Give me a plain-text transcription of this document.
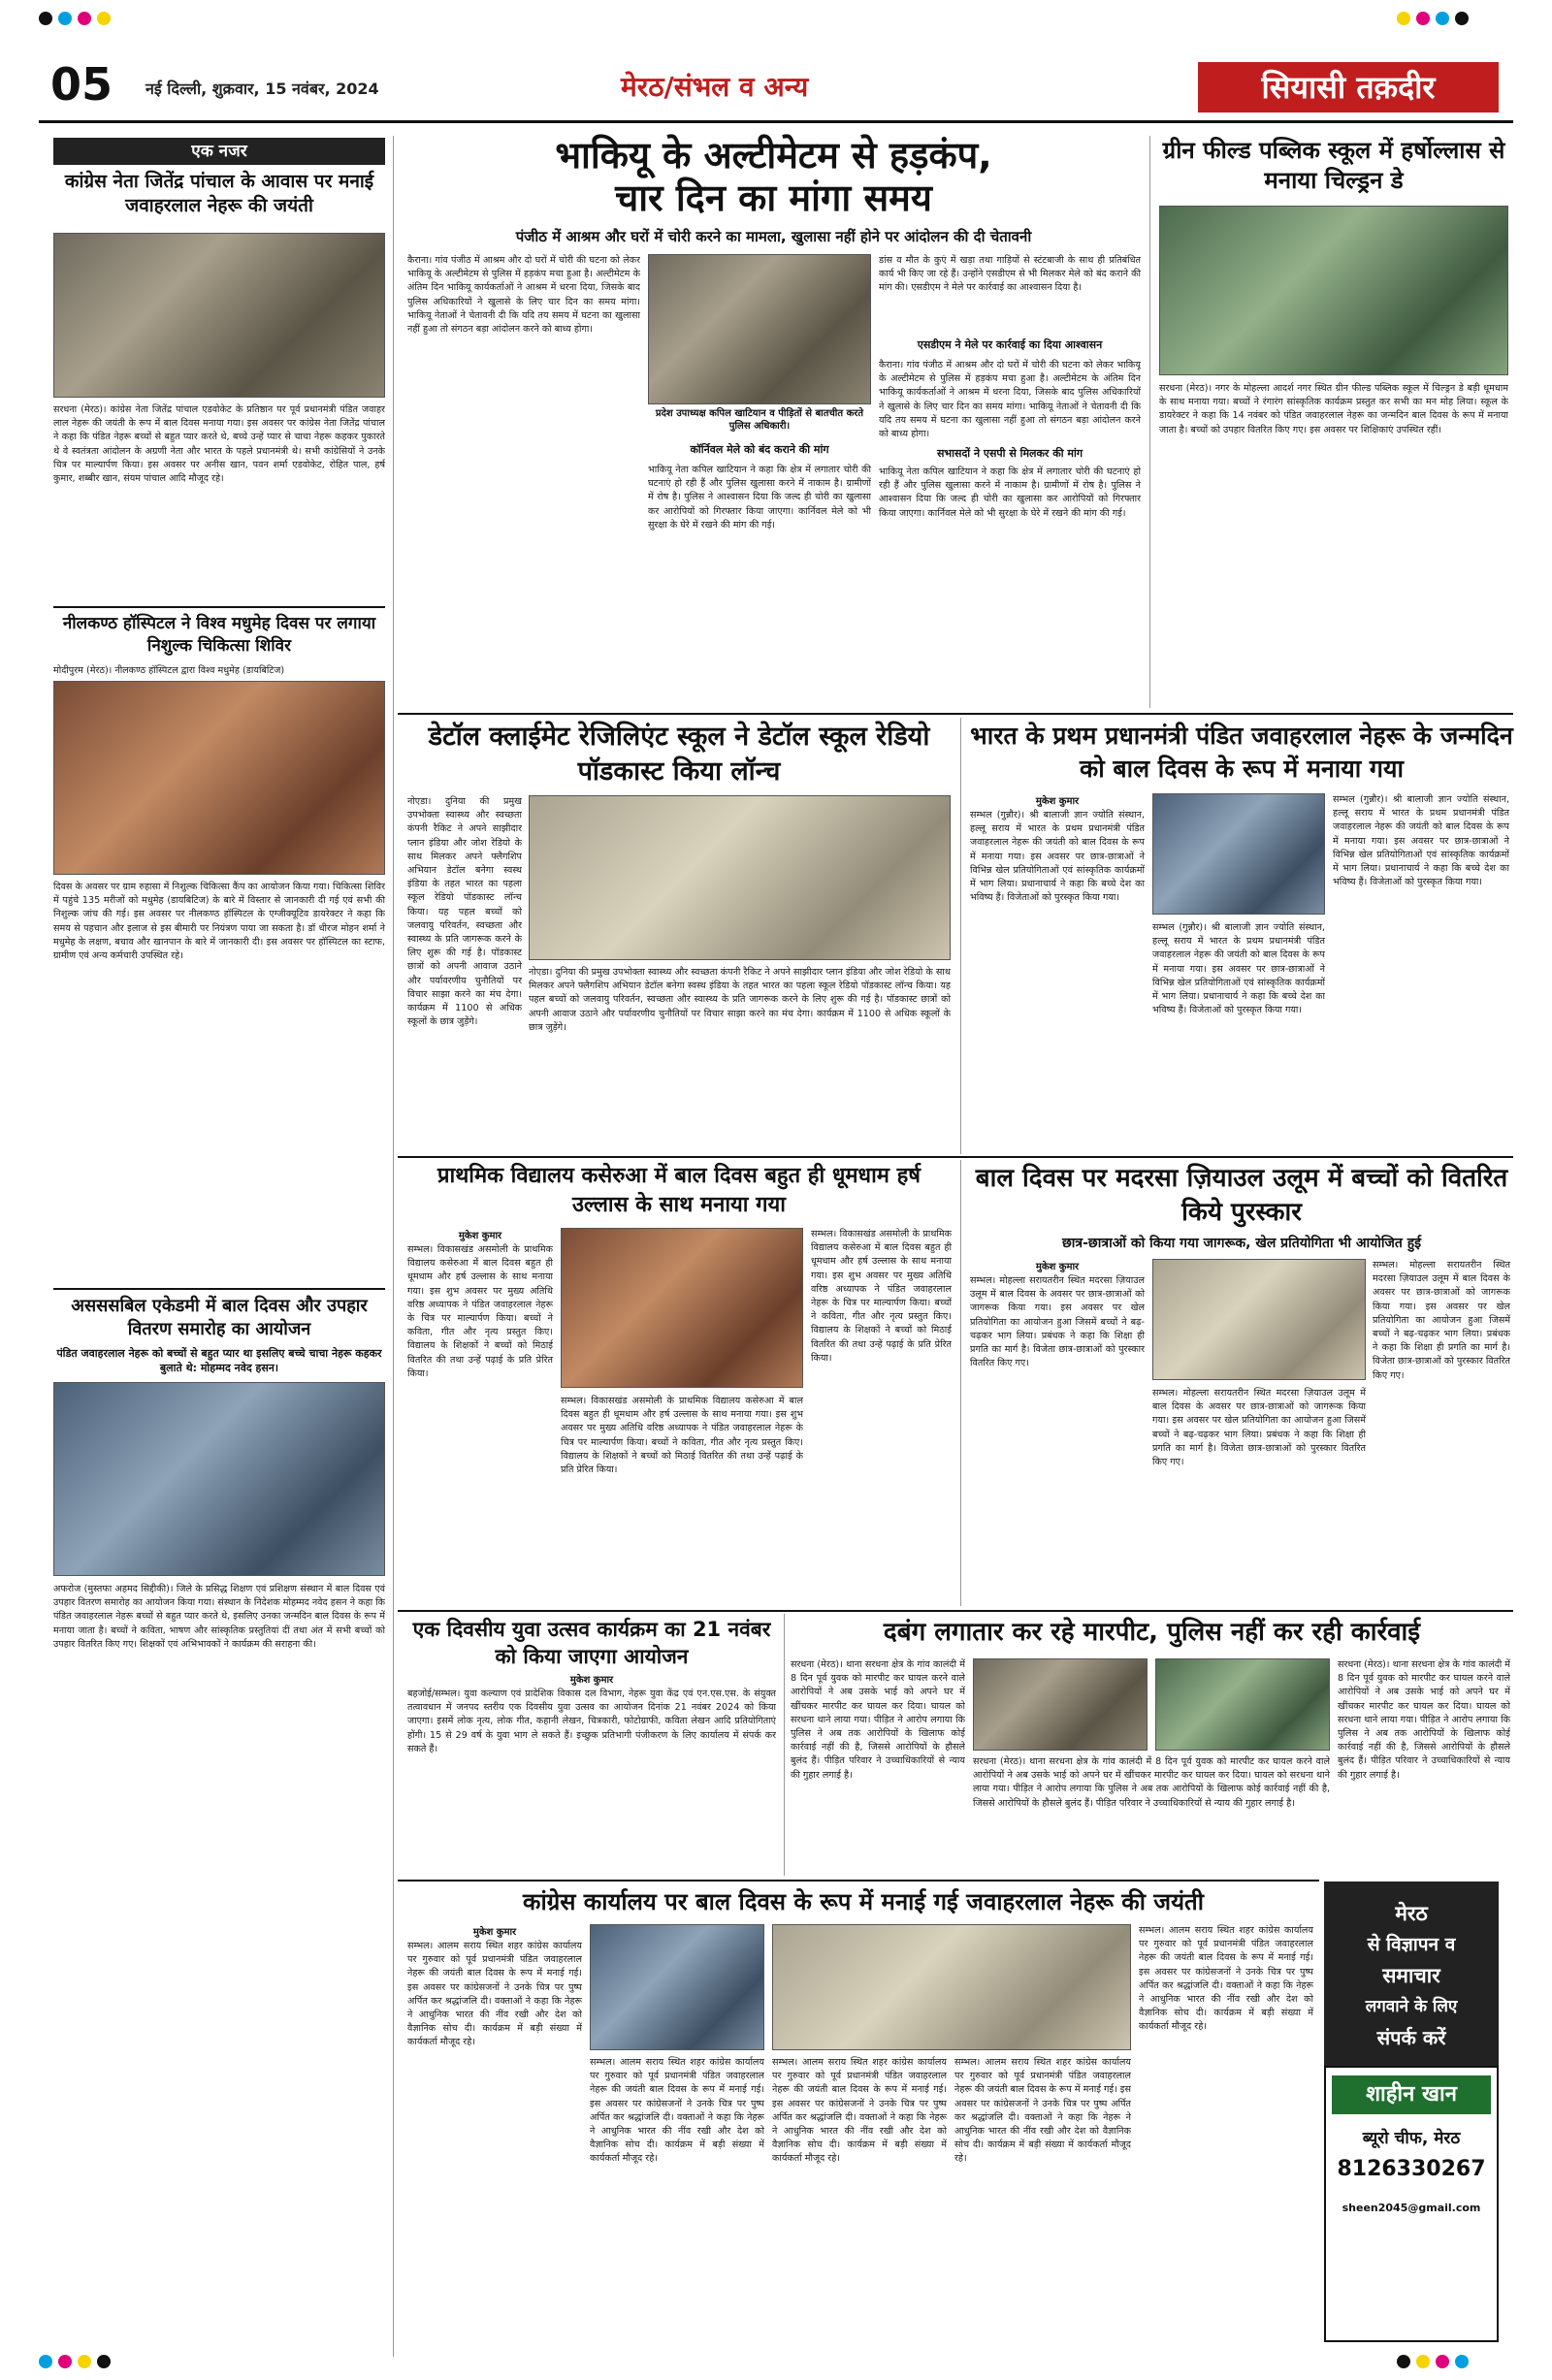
05 नई दिल्ली, शुक्रवार, 15 नवंबर, 2024	मेरठ/संभल व अन्य	सियासी तक़दीर
एक नजर
कांग्रेस नेता जितेंद्र पांचाल के आवास पर मनाई जवाहरलाल नेहरू की जयंती
सरधना (मेरठ)। कांग्रेस नेता जितेंद्र पांचाल एडवोकेट के प्रतिष्ठान पर पूर्व प्रधानमंत्री पंडित जवाहर लाल नेहरू की जयंती के रूप में बाल दिवस मनाया गया। इस अवसर पर कांग्रेस नेता जितेंद्र पांचाल ने कहा कि पंडित नेहरू बच्चों से बहुत प्यार करते थे, बच्चे उन्हें प्यार से चाचा नेहरू कहकर पुकारते थे वे स्वतंत्रता आंदोलन के अग्रणी नेता और भारत के पहले प्रधानमंत्री थे। सभी कांग्रेसियों ने उनके चित्र पर माल्यार्पण किया। इस अवसर पर अनीस खान, पवन शर्मा एडवोकेट, रोहित पाल, हर्ष कुमार, शब्बीर खान, संयम पांचाल आदि मौजूद रहे।
नीलकण्ठ हॉस्पिटल ने विश्व मधुमेह दिवस पर लगाया निशुल्क चिकित्सा शिविर
मोदीपुरम (मेरठ)। नीलकण्ठ हॉस्पिटल द्वारा विश्व मधुमेह (डायबिटिज)
दिवस के अवसर पर ग्राम रुहासा में निशुल्क चिकित्सा कैंप का आयोजन किया गया। चिकित्सा शिविर में पहुंचे 135 मरीजों को मधुमेह (डायबिटिज) के बारे में विस्तार से जानकारी दी गई एवं सभी की निशुल्क जांच की गई। इस अवसर पर नीलकण्ठ हॉस्पिटल के एग्जीक्यूटिव डायरेक्टर ने कहा कि समय से पहचान और इलाज से इस बीमारी पर नियंत्रण पाया जा सकता है। डॉ धीरज मोहन शर्मा ने मधुमेह के लक्षण, बचाव और खानपान के बारे में जानकारी दी। इस अवसर पर हॉस्पिटल का स्टाफ, ग्रामीण एवं अन्य कर्मचारी उपस्थित रहे।
असससबिल एकेडमी में बाल दिवस और उपहार वितरण समारोह का आयोजन
पंडित जवाहरलाल नेहरू को बच्चों से बहुत प्यार था इसलिए बच्चे चाचा नेहरू कहकर बुलाते थे: मोहम्मद नवेद हसन।
अफरोज (मुस्तफा अहमद सिद्दीकी)। जिले के प्रसिद्ध शिक्षण एवं प्रशिक्षण संस्थान में बाल दिवस एवं उपहार वितरण समारोह का आयोजन किया गया। संस्थान के निदेशक मोहम्मद नवेद हसन ने कहा कि पंडित जवाहरलाल नेहरू बच्चों से बहुत प्यार करते थे, इसलिए उनका जन्मदिन बाल दिवस के रूप में मनाया जाता है। बच्चों ने कविता, भाषण और सांस्कृतिक प्रस्तुतियां दीं तथा अंत में सभी बच्चों को उपहार वितरित किए गए। शिक्षकों एवं अभिभावकों ने कार्यक्रम की सराहना की।
भाकियू के अल्टीमेटम से हड़कंप,
चार दिन का मांगा समय
पंजीठ में आश्रम और घरों में चोरी करने का मामला, खुलासा नहीं होने पर आंदोलन की दी चेतावनी
कैराना। गांव पंजीठ में आश्रम और दो घरों में चोरी की घटना को लेकर भाकियू के अल्टीमेटम से पुलिस में हड़कंप मचा हुआ है। अल्टीमेटम के अंतिम दिन भाकियू कार्यकर्ताओं ने आश्रम में धरना दिया, जिसके बाद पुलिस अधिकारियों ने खुलासे के लिए चार दिन का समय मांगा। भाकियू नेताओं ने चेतावनी दी कि यदि तय समय में घटना का खुलासा नहीं हुआ तो संगठन बड़ा आंदोलन करने को बाध्य होगा।
प्रदेश उपाध्यक्ष कपिल खाटियान व पीड़ितों से बातचीत करते पुलिस अधिकारी।
कॉर्निवल मेले को बंद कराने की मांग
भाकियू नेता कपिल खाटियान ने कहा कि क्षेत्र में लगातार चोरी की घटनाएं हो रही हैं और पुलिस खुलासा करने में नाकाम है। ग्रामीणों में रोष है। पुलिस ने आश्वासन दिया कि जल्द ही चोरी का खुलासा कर आरोपियों को गिरफ्तार किया जाएगा। कार्निवल मेले को भी सुरक्षा के घेरे में रखने की मांग की गई।
डांस व मौत के कुएं में खड़ा तथा गाड़ियों से स्टंटबाजी के साथ ही प्रतिबंधित कार्य भी किए जा रहे हैं। उन्होंने एसडीएम से भी मिलकर मेले को बंद कराने की मांग की। एसडीएम ने मेले पर कार्रवाई का आश्वासन दिया है।
एसडीएम ने मेले पर कार्रवाई का दिया आश्वासन
सभासदों ने एसपी से मिलकर की मांग
कैराना। गांव पंजीठ में आश्रम और दो घरों में चोरी की घटना को लेकर भाकियू के अल्टीमेटम से पुलिस में हड़कंप मचा हुआ है। अल्टीमेटम के अंतिम दिन भाकियू कार्यकर्ताओं ने आश्रम में धरना दिया, जिसके बाद पुलिस अधिकारियों ने खुलासे के लिए चार दिन का समय मांगा। भाकियू नेताओं ने चेतावनी दी कि यदि तय समय में घटना का खुलासा नहीं हुआ तो संगठन बड़ा आंदोलन करने को बाध्य होगा।
भाकियू नेता कपिल खाटियान ने कहा कि क्षेत्र में लगातार चोरी की घटनाएं हो रही हैं और पुलिस खुलासा करने में नाकाम है। ग्रामीणों में रोष है। पुलिस ने आश्वासन दिया कि जल्द ही चोरी का खुलासा कर आरोपियों को गिरफ्तार किया जाएगा। कार्निवल मेले को भी सुरक्षा के घेरे में रखने की मांग की गई।
ग्रीन फील्ड पब्लिक स्कूल में हर्षोल्लास से मनाया चिल्ड्रन डे
सरधना (मेरठ)। नगर के मोहल्ला आदर्श नगर स्थित ग्रीन फील्ड पब्लिक स्कूल में चिल्ड्रन डे बड़ी धूमधाम के साथ मनाया गया। बच्चों ने रंगारंग सांस्कृतिक कार्यक्रम प्रस्तुत कर सभी का मन मोह लिया। स्कूल के डायरेक्टर ने कहा कि 14 नवंबर को पंडित जवाहरलाल नेहरू का जन्मदिन बाल दिवस के रूप में मनाया जाता है। बच्चों को उपहार वितरित किए गए। इस अवसर पर शिक्षिकाएं उपस्थित रहीं।
डेटॉल क्लाईमेट रेजिलिएंट स्कूल ने डेटॉल स्कूल रेडियो पॉडकास्ट किया लॉन्च
नोएडा। दुनिया की प्रमुख उपभोक्ता स्वास्थ्य और स्वच्छता कंपनी रैकिट ने अपने साझीदार प्लान इंडिया और जोश रेडियो के साथ मिलकर अपने फ्लैगशिप अभियान डेटॉल बनेगा स्वस्थ इंडिया के तहत भारत का पहला स्कूल रेडियो पॉडकास्ट लॉन्च किया। यह पहल बच्चों को जलवायु परिवर्तन, स्वच्छता और स्वास्थ्य के प्रति जागरूक करने के लिए शुरू की गई है। पॉडकास्ट छात्रों को अपनी आवाज उठाने और पर्यावरणीय चुनौतियों पर विचार साझा करने का मंच देगा। कार्यक्रम में 1100 से अधिक स्कूलों के छात्र जुड़ेंगे।
नोएडा। दुनिया की प्रमुख उपभोक्ता स्वास्थ्य और स्वच्छता कंपनी रैकिट ने अपने साझीदार प्लान इंडिया और जोश रेडियो के साथ मिलकर अपने फ्लैगशिप अभियान डेटॉल बनेगा स्वस्थ इंडिया के तहत भारत का पहला स्कूल रेडियो पॉडकास्ट लॉन्च किया। यह पहल बच्चों को जलवायु परिवर्तन, स्वच्छता और स्वास्थ्य के प्रति जागरूक करने के लिए शुरू की गई है। पॉडकास्ट छात्रों को अपनी आवाज उठाने और पर्यावरणीय चुनौतियों पर विचार साझा करने का मंच देगा। कार्यक्रम में 1100 से अधिक स्कूलों के छात्र जुड़ेंगे।
भारत के प्रथम प्रधानमंत्री पंडित जवाहरलाल नेहरू के जन्मदिन को बाल दिवस के रूप में मनाया गया
मुकेश कुमार
सम्भल (गुन्नौर)। श्री बालाजी ज्ञान ज्योति संस्थान, हल्लू सराय में भारत के प्रथम प्रधानमंत्री पंडित जवाहरलाल नेहरू की जयंती को बाल दिवस के रूप में मनाया गया। इस अवसर पर छात्र-छात्राओं ने विभिन्न खेल प्रतियोगिताओं एवं सांस्कृतिक कार्यक्रमों में भाग लिया। प्रधानाचार्य ने कहा कि बच्चे देश का भविष्य हैं। विजेताओं को पुरस्कृत किया गया।
सम्भल (गुन्नौर)। श्री बालाजी ज्ञान ज्योति संस्थान, हल्लू सराय में भारत के प्रथम प्रधानमंत्री पंडित जवाहरलाल नेहरू की जयंती को बाल दिवस के रूप में मनाया गया। इस अवसर पर छात्र-छात्राओं ने विभिन्न खेल प्रतियोगिताओं एवं सांस्कृतिक कार्यक्रमों में भाग लिया। प्रधानाचार्य ने कहा कि बच्चे देश का भविष्य हैं। विजेताओं को पुरस्कृत किया गया।
सम्भल (गुन्नौर)। श्री बालाजी ज्ञान ज्योति संस्थान, हल्लू सराय में भारत के प्रथम प्रधानमंत्री पंडित जवाहरलाल नेहरू की जयंती को बाल दिवस के रूप में मनाया गया। इस अवसर पर छात्र-छात्राओं ने विभिन्न खेल प्रतियोगिताओं एवं सांस्कृतिक कार्यक्रमों में भाग लिया। प्रधानाचार्य ने कहा कि बच्चे देश का भविष्य हैं। विजेताओं को पुरस्कृत किया गया।
प्राथमिक विद्यालय कसेरुआ में बाल दिवस बहुत ही धूमधाम हर्ष उल्लास के साथ मनाया गया
मुकेश कुमार
सम्भल। विकासखंड असमोली के प्राथमिक विद्यालय कसेरुआ में बाल दिवस बहुत ही धूमधाम और हर्ष उल्लास के साथ मनाया गया। इस शुभ अवसर पर मुख्य अतिथि वरिष्ठ अध्यापक ने पंडित जवाहरलाल नेहरू के चित्र पर माल्यार्पण किया। बच्चों ने कविता, गीत और नृत्य प्रस्तुत किए। विद्यालय के शिक्षकों ने बच्चों को मिठाई वितरित की तथा उन्हें पढ़ाई के प्रति प्रेरित किया।
सम्भल। विकासखंड असमोली के प्राथमिक विद्यालय कसेरुआ में बाल दिवस बहुत ही धूमधाम और हर्ष उल्लास के साथ मनाया गया। इस शुभ अवसर पर मुख्य अतिथि वरिष्ठ अध्यापक ने पंडित जवाहरलाल नेहरू के चित्र पर माल्यार्पण किया। बच्चों ने कविता, गीत और नृत्य प्रस्तुत किए। विद्यालय के शिक्षकों ने बच्चों को मिठाई वितरित की तथा उन्हें पढ़ाई के प्रति प्रेरित किया।
सम्भल। विकासखंड असमोली के प्राथमिक विद्यालय कसेरुआ में बाल दिवस बहुत ही धूमधाम और हर्ष उल्लास के साथ मनाया गया। इस शुभ अवसर पर मुख्य अतिथि वरिष्ठ अध्यापक ने पंडित जवाहरलाल नेहरू के चित्र पर माल्यार्पण किया। बच्चों ने कविता, गीत और नृत्य प्रस्तुत किए। विद्यालय के शिक्षकों ने बच्चों को मिठाई वितरित की तथा उन्हें पढ़ाई के प्रति प्रेरित किया।
बाल दिवस पर मदरसा ज़ियाउल उलूम में बच्चों को वितरित किये पुरस्कार
छात्र-छात्राओं को किया गया जागरूक, खेल प्रतियोगिता भी आयोजित हुई
मुकेश कुमार
सम्भल। मोहल्ला सरायतरीन स्थित मदरसा ज़ियाउल उलूम में बाल दिवस के अवसर पर छात्र-छात्राओं को जागरूक किया गया। इस अवसर पर खेल प्रतियोगिता का आयोजन हुआ जिसमें बच्चों ने बढ़-चढ़कर भाग लिया। प्रबंधक ने कहा कि शिक्षा ही प्रगति का मार्ग है। विजेता छात्र-छात्राओं को पुरस्कार वितरित किए गए।
सम्भल। मोहल्ला सरायतरीन स्थित मदरसा ज़ियाउल उलूम में बाल दिवस के अवसर पर छात्र-छात्राओं को जागरूक किया गया। इस अवसर पर खेल प्रतियोगिता का आयोजन हुआ जिसमें बच्चों ने बढ़-चढ़कर भाग लिया। प्रबंधक ने कहा कि शिक्षा ही प्रगति का मार्ग है। विजेता छात्र-छात्राओं को पुरस्कार वितरित किए गए।
सम्भल। मोहल्ला सरायतरीन स्थित मदरसा ज़ियाउल उलूम में बाल दिवस के अवसर पर छात्र-छात्राओं को जागरूक किया गया। इस अवसर पर खेल प्रतियोगिता का आयोजन हुआ जिसमें बच्चों ने बढ़-चढ़कर भाग लिया। प्रबंधक ने कहा कि शिक्षा ही प्रगति का मार्ग है। विजेता छात्र-छात्राओं को पुरस्कार वितरित किए गए।
एक दिवसीय युवा उत्सव कार्यक्रम का 21 नवंबर को किया जाएगा आयोजन
मुकेश कुमार
बहजोई/सम्भल। युवा कल्याण एवं प्रादेशिक विकास दल विभाग, नेहरू युवा केंद्र एवं एन.एस.एस. के संयुक्त तत्वावधान में जनपद स्तरीय एक दिवसीय युवा उत्सव का आयोजन दिनांक 21 नवंबर 2024 को किया जाएगा। इसमें लोक नृत्य, लोक गीत, कहानी लेखन, चित्रकारी, फोटोग्राफी, कविता लेखन आदि प्रतियोगिताएं होंगी। 15 से 29 वर्ष के युवा भाग ले सकते हैं। इच्छुक प्रतिभागी पंजीकरण के लिए कार्यालय में संपर्क कर सकते हैं।
दबंग लगातार कर रहे मारपीट, पुलिस नहीं कर रही कार्रवाई
सरधना (मेरठ)। थाना सरधना क्षेत्र के गांव कालंदी में 8 दिन पूर्व युवक को मारपीट कर घायल करने वाले आरोपियों ने अब उसके भाई को अपने घर में खींचकर मारपीट कर घायल कर दिया। घायल को सरधना थाने लाया गया। पीड़ित ने आरोप लगाया कि पुलिस ने अब तक आरोपियों के खिलाफ कोई कार्रवाई नहीं की है, जिससे आरोपियों के हौसले बुलंद हैं। पीड़ित परिवार ने उच्चाधिकारियों से न्याय की गुहार लगाई है।
सरधना (मेरठ)। थाना सरधना क्षेत्र के गांव कालंदी में 8 दिन पूर्व युवक को मारपीट कर घायल करने वाले आरोपियों ने अब उसके भाई को अपने घर में खींचकर मारपीट कर घायल कर दिया। घायल को सरधना थाने लाया गया। पीड़ित ने आरोप लगाया कि पुलिस ने अब तक आरोपियों के खिलाफ कोई कार्रवाई नहीं की है, जिससे आरोपियों के हौसले बुलंद हैं। पीड़ित परिवार ने उच्चाधिकारियों से न्याय की गुहार लगाई है।
सरधना (मेरठ)। थाना सरधना क्षेत्र के गांव कालंदी में 8 दिन पूर्व युवक को मारपीट कर घायल करने वाले आरोपियों ने अब उसके भाई को अपने घर में खींचकर मारपीट कर घायल कर दिया। घायल को सरधना थाने लाया गया। पीड़ित ने आरोप लगाया कि पुलिस ने अब तक आरोपियों के खिलाफ कोई कार्रवाई नहीं की है, जिससे आरोपियों के हौसले बुलंद हैं। पीड़ित परिवार ने उच्चाधिकारियों से न्याय की गुहार लगाई है।
कांग्रेस कार्यालय पर बाल दिवस के रूप में मनाई गई जवाहरलाल नेहरू की जयंती
मुकेश कुमार
सम्भल। आलम सराय स्थित शहर कांग्रेस कार्यालय पर गुरुवार को पूर्व प्रधानमंत्री पंडित जवाहरलाल नेहरू की जयंती बाल दिवस के रूप में मनाई गई। इस अवसर पर कांग्रेसजनों ने उनके चित्र पर पुष्प अर्पित कर श्रद्धांजलि दी। वक्ताओं ने कहा कि नेहरू ने आधुनिक भारत की नींव रखी और देश को वैज्ञानिक सोच दी। कार्यक्रम में बड़ी संख्या में कार्यकर्ता मौजूद रहे।
सम्भल। आलम सराय स्थित शहर कांग्रेस कार्यालय पर गुरुवार को पूर्व प्रधानमंत्री पंडित जवाहरलाल नेहरू की जयंती बाल दिवस के रूप में मनाई गई। इस अवसर पर कांग्रेसजनों ने उनके चित्र पर पुष्प अर्पित कर श्रद्धांजलि दी। वक्ताओं ने कहा कि नेहरू ने आधुनिक भारत की नींव रखी और देश को वैज्ञानिक सोच दी। कार्यक्रम में बड़ी संख्या में कार्यकर्ता मौजूद रहे।
सम्भल। आलम सराय स्थित शहर कांग्रेस कार्यालय पर गुरुवार को पूर्व प्रधानमंत्री पंडित जवाहरलाल नेहरू की जयंती बाल दिवस के रूप में मनाई गई। इस अवसर पर कांग्रेसजनों ने उनके चित्र पर पुष्प अर्पित कर श्रद्धांजलि दी। वक्ताओं ने कहा कि नेहरू ने आधुनिक भारत की नींव रखी और देश को वैज्ञानिक सोच दी। कार्यक्रम में बड़ी संख्या में कार्यकर्ता मौजूद रहे।
सम्भल। आलम सराय स्थित शहर कांग्रेस कार्यालय पर गुरुवार को पूर्व प्रधानमंत्री पंडित जवाहरलाल नेहरू की जयंती बाल दिवस के रूप में मनाई गई। इस अवसर पर कांग्रेसजनों ने उनके चित्र पर पुष्प अर्पित कर श्रद्धांजलि दी। वक्ताओं ने कहा कि नेहरू ने आधुनिक भारत की नींव रखी और देश को वैज्ञानिक सोच दी। कार्यक्रम में बड़ी संख्या में कार्यकर्ता मौजूद रहे।
सम्भल। आलम सराय स्थित शहर कांग्रेस कार्यालय पर गुरुवार को पूर्व प्रधानमंत्री पंडित जवाहरलाल नेहरू की जयंती बाल दिवस के रूप में मनाई गई। इस अवसर पर कांग्रेसजनों ने उनके चित्र पर पुष्प अर्पित कर श्रद्धांजलि दी। वक्ताओं ने कहा कि नेहरू ने आधुनिक भारत की नींव रखी और देश को वैज्ञानिक सोच दी। कार्यक्रम में बड़ी संख्या में कार्यकर्ता मौजूद रहे।
मेरठ
से विज्ञापन व
समाचार
लगवाने के लिए
संपर्क करें
शाहीन खान
ब्यूरो चीफ, मेरठ
8126330267
sheen2045@gmail.com
